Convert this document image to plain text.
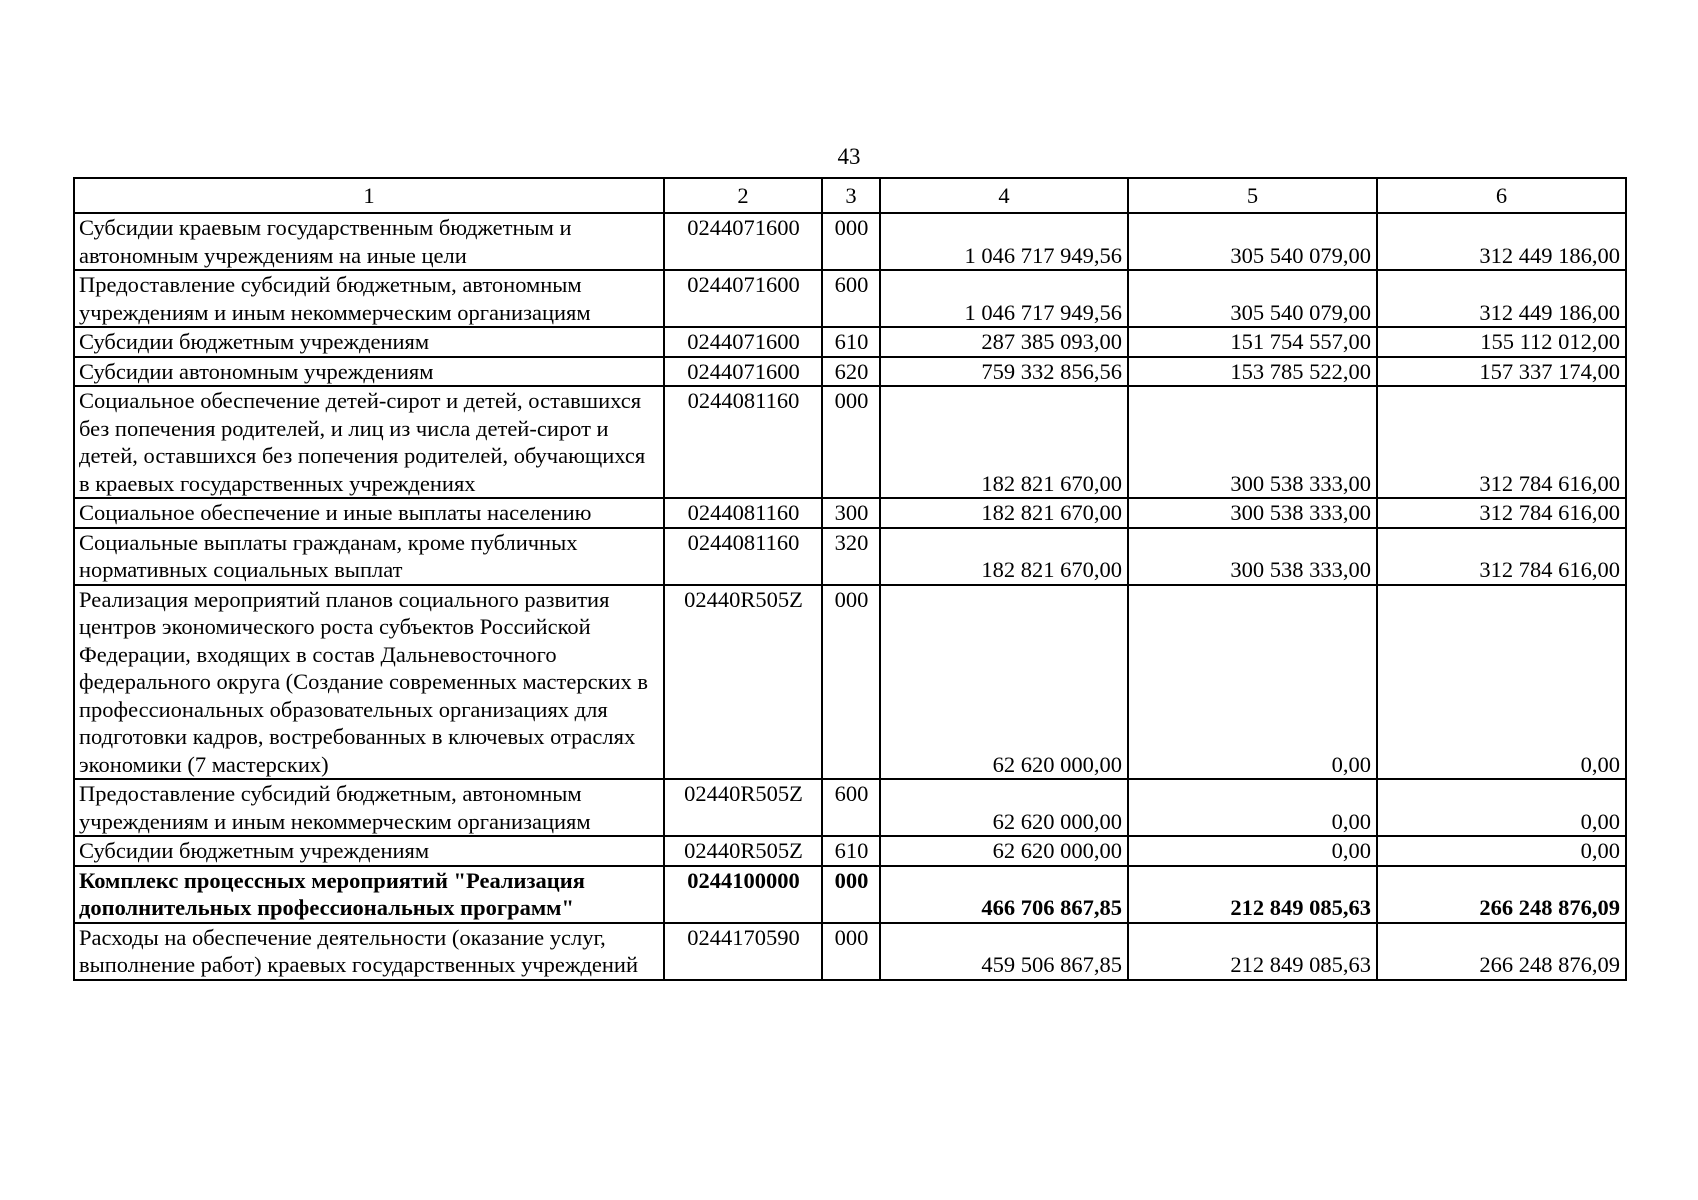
43
1	2	3	4	5	6
Субсидии краевым государственным бюджетным и автономным учреждениям на иные цели	0244071600	000	1 046 717 949,56	305 540 079,00	312 449 186,00
Предоставление субсидий бюджетным, автономным учреждениям и иным некоммерческим организациям	0244071600	600	1 046 717 949,56	305 540 079,00	312 449 186,00
Субсидии бюджетным учреждениям	0244071600	610	287 385 093,00	151 754 557,00	155 112 012,00
Субсидии автономным учреждениям	0244071600	620	759 332 856,56	153 785 522,00	157 337 174,00
Социальное обеспечение детей-сирот и детей, оставшихся без попечения родителей, и лиц из числа детей-сирот и детей, оставшихся без попечения родителей, обучающихся в краевых государственных учреждениях	0244081160	000	182 821 670,00	300 538 333,00	312 784 616,00
Социальное обеспечение и иные выплаты населению	0244081160	300	182 821 670,00	300 538 333,00	312 784 616,00
Социальные выплаты гражданам, кроме публичных нормативных социальных выплат	0244081160	320	182 821 670,00	300 538 333,00	312 784 616,00
Реализация мероприятий планов социального развития центров экономического роста субъектов Российской Федерации, входящих в состав Дальневосточного федерального округа (Создание современных мастерских в профессиональных образовательных организациях для подготовки кадров, востребованных в ключевых отраслях экономики (7 мастерских)	02440R505Z	000	62 620 000,00	0,00	0,00
Предоставление субсидий бюджетным, автономным учреждениям и иным некоммерческим организациям	02440R505Z	600	62 620 000,00	0,00	0,00
Субсидии бюджетным учреждениям	02440R505Z	610	62 620 000,00	0,00	0,00
Комплекс процессных мероприятий "Реализация дополнительных профессиональных программ"	0244100000	000	466 706 867,85	212 849 085,63	266 248 876,09
Расходы на обеспечение деятельности (оказание услуг, выполнение работ) краевых государственных учреждений	0244170590	000	459 506 867,85	212 849 085,63	266 248 876,09
